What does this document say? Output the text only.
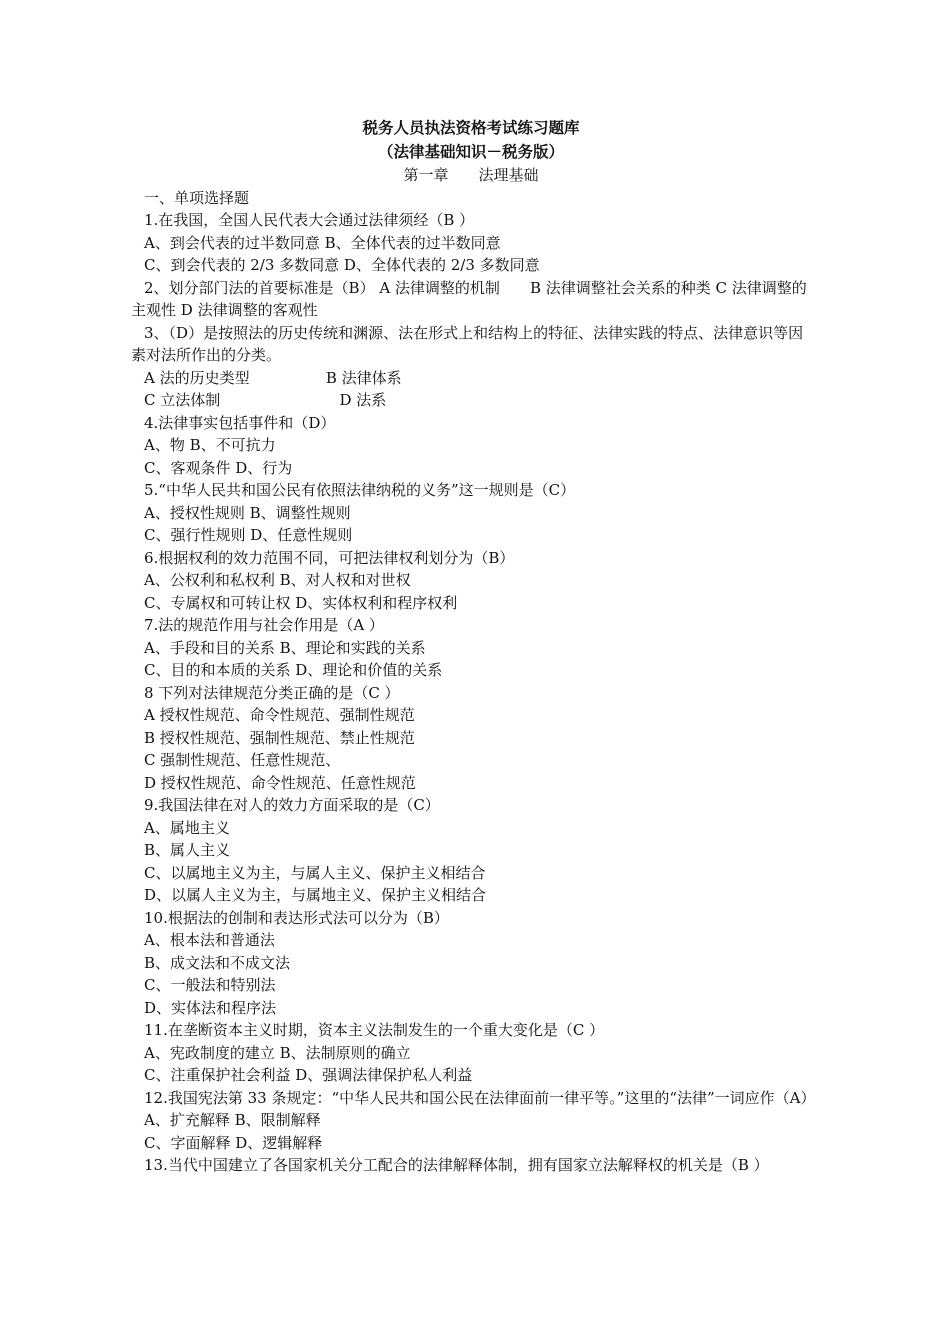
税务人员执法资格考试练习题库

（法律基础知识－税务版）

第一章　　法理基础

一、单项选择题

1.在我国，全国人民代表大会通过法律须经（B ）

A、到会代表的过半数同意 B、全体代表的过半数同意

C、到会代表的 2/3 多数同意 D、全体代表的 2/3 多数同意

2、划分部门法的首要标准是（B） A 法律调整的机制　　B 法律调整社会关系的种类 C 法律调整的主观性 D 法律调整的客观性

3、（D）是按照法的历史传统和渊源、法在形式上和结构上的特征、法律实践的特点、法律意识等因素对法所作出的分类。

A 法的历史类型                B 法律体系

C 立法体制                         D 法系

4.法律事实包括事件和（D）

A、物 B、不可抗力

C、客观条件 D、行为

5.“中华人民共和国公民有依照法律纳税的义务”这一规则是（C）

A、授权性规则 B、调整性规则

C、强行性规则 D、任意性规则

6.根据权利的效力范围不同，可把法律权利划分为（B）

A、公权利和私权利 B、对人权和对世权

C、专属权和可转让权 D、实体权利和程序权利

7.法的规范作用与社会作用是（A ）

A、手段和目的关系 B、理论和实践的关系

C、目的和本质的关系 D、理论和价值的关系

8 下列对法律规范分类正确的是（C ）

A 授权性规范、命令性规范、强制性规范

B 授权性规范、强制性规范、禁止性规范

C 强制性规范、任意性规范、

D 授权性规范、命令性规范、任意性规范

9.我国法律在对人的效力方面采取的是（C）

A、属地主义

B、属人主义

C、以属地主义为主，与属人主义、保护主义相结合

D、以属人主义为主，与属地主义、保护主义相结合

10.根据法的创制和表达形式法可以分为（B）

A、根本法和普通法

B、成文法和不成文法

C、一般法和特别法

D、实体法和程序法

11.在垄断资本主义时期，资本主义法制发生的一个重大变化是（C ）

A、宪政制度的建立 B、法制原则的确立

C、注重保护社会利益 D、强调法律保护私人利益

12.我国宪法第 33 条规定：“中华人民共和国公民在法律面前一律平等。”这里的“法律”一词应作（A）

A、扩充解释 B、限制解释

C、字面解释 D、逻辑解释

13.当代中国建立了各国家机关分工配合的法律解释体制，拥有国家立法解释权的机关是（B ）
